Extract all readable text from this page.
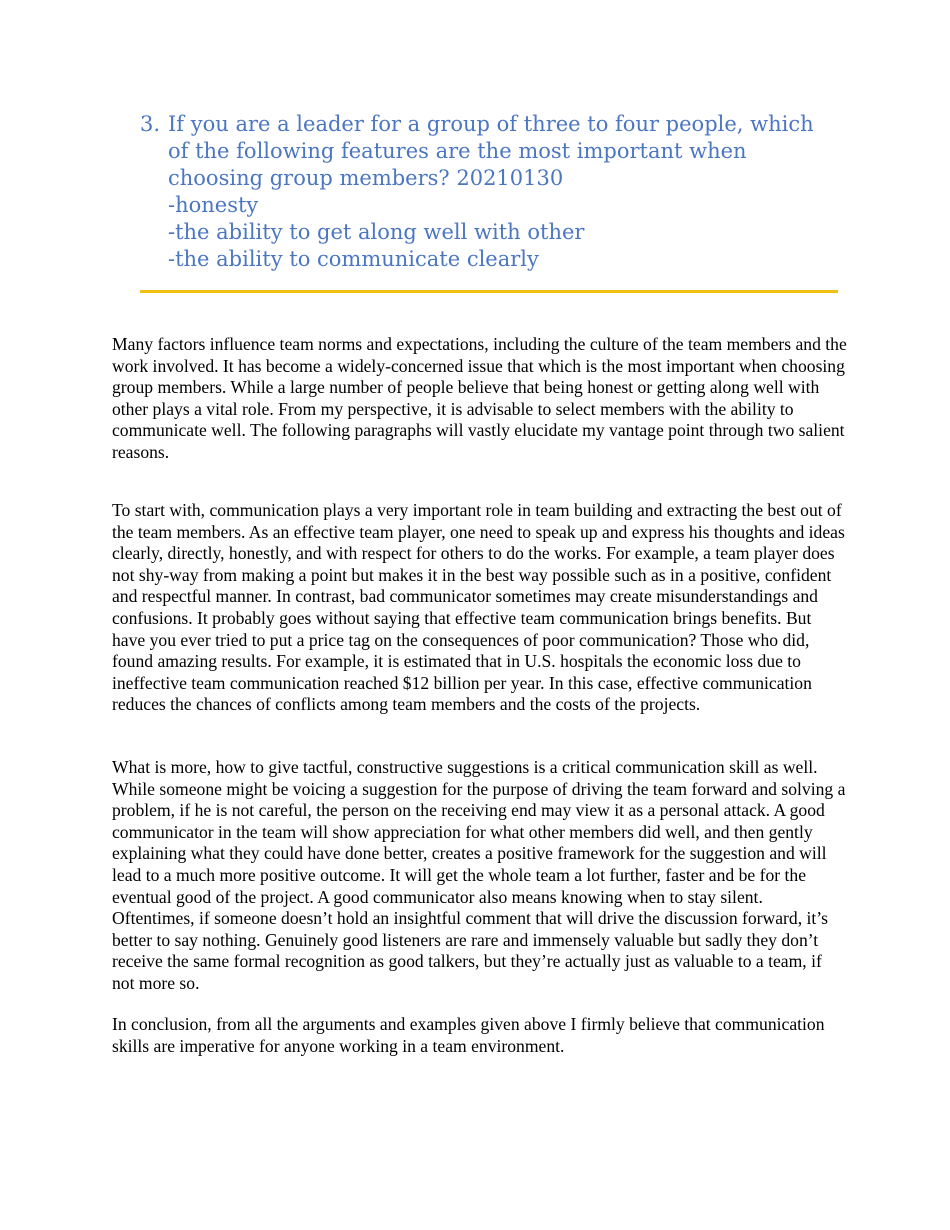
3. If you are a leader for a group of three to four people, which
of the following features are the most important when
choosing group members? 20210130
-honesty
-the ability to get along well with other
-the ability to communicate clearly

Many factors influence team norms and expectations, including the culture of the team members and the work involved. It has become a widely-concerned issue that which is the most important when choosing group members. While a large number of people believe that being honest or getting along well with other plays a vital role. From my perspective, it is advisable to select members with the ability to communicate well. The following paragraphs will vastly elucidate my vantage point through two salient reasons.

To start with, communication plays a very important role in team building and extracting the best out of the team members. As an effective team player, one need to speak up and express his thoughts and ideas clearly, directly, honestly, and with respect for others to do the works. For example, a team player does not shy-way from making a point but makes it in the best way possible such as in a positive, confident and respectful manner. In contrast, bad communicator sometimes may create misunderstandings and confusions. It probably goes without saying that effective team communication brings benefits. But have you ever tried to put a price tag on the consequences of poor communication? Those who did, found amazing results. For example, it is estimated that in U.S. hospitals the economic loss due to ineffective team communication reached $12 billion per year. In this case, effective communication reduces the chances of conflicts among team members and the costs of the projects.

What is more, how to give tactful, constructive suggestions is a critical communication skill as well. While someone might be voicing a suggestion for the purpose of driving the team forward and solving a problem, if he is not careful, the person on the receiving end may view it as a personal attack. A good communicator in the team will show appreciation for what other members did well, and then gently explaining what they could have done better, creates a positive framework for the suggestion and will lead to a much more positive outcome. It will get the whole team a lot further, faster and be for the eventual good of the project. A good communicator also means knowing when to stay silent. Oftentimes, if someone doesn’t hold an insightful comment that will drive the discussion forward, it’s better to say nothing. Genuinely good listeners are rare and immensely valuable but sadly they don’t receive the same formal recognition as good talkers, but they’re actually just as valuable to a team, if not more so.

In conclusion, from all the arguments and examples given above I firmly believe that communication skills are imperative for anyone working in a team environment.
